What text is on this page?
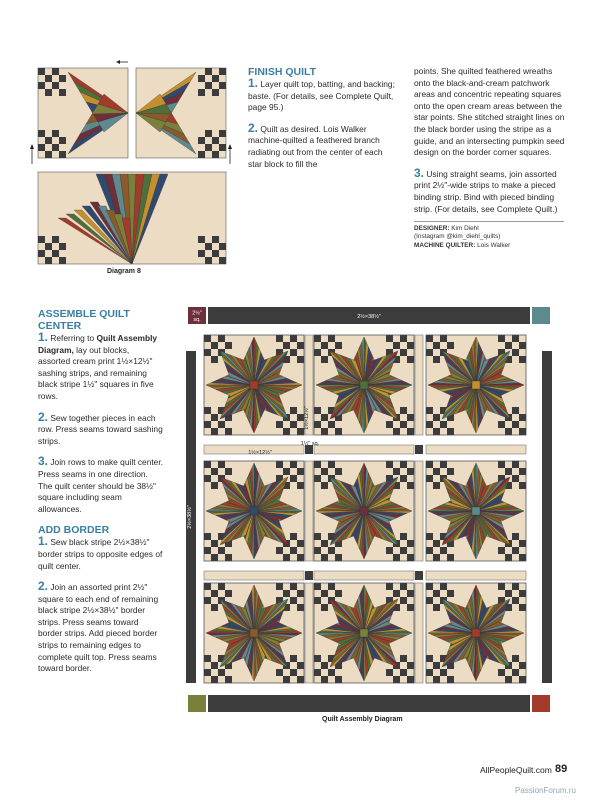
Diagram 8
FINISH QUILT
1. Layer quilt top, batting, and backing; baste. (For details, see Complete Quilt, page 95.)
2. Quilt as desired. Lois Walker machine-quilted a feathered branch radiating out from the center of each star block to fill the
points. She quilted feathered wreaths onto the black-and-cream patchwork areas and concentric repeating squares onto the open cream areas between the star points. She stitched straight lines on the black border using the stripe as a guide, and an intersecting pumpkin seed design on the border corner squares.
3. Using straight seams, join assorted print 2½"-wide strips to make a pieced binding strip. Bind with pieced binding strip. (For details, see Complete Quilt.)
DESIGNER: Kim Diehl
(Instagram @kim_diehl_quilts)
MACHINE QUILTER: Lois Walker
ASSEMBLE QUILT CENTER
1. Referring to Quilt Assembly Diagram, lay out blocks, assorted cream print 1½×12½" sashing strips, and remaining black stripe 1½" squares in five rows.
2. Sew together pieces in each row. Press seams toward sashing strips.
3. Join rows to make quilt center. Press seams in one direction. The quilt center should be 38½" square including seam allowances.
ADD BORDER
1. Sew black stripe 2½×38½" border strips to opposite edges of quilt center.
2. Join an assorted print 2½" square to each end of remaining black stripe 2½×38½" border strips. Press seams toward border strips. Add pieced border strips to remaining edges to complete quilt top. Press seams toward border.
2½"
sq.	2½×38½"
2½×38½"
1½×12½"
1½" sq.
1½×12½"
Quilt Assembly Diagram
AllPeopleQuilt.com 89
PassionForum.ru
